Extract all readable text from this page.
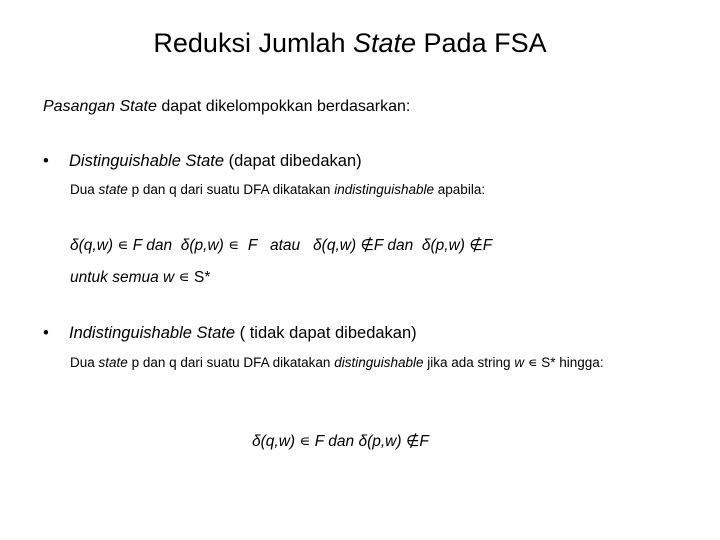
Reduksi Jumlah State Pada FSA
Pasangan State dapat dikelompokkan berdasarkan:
• Distinguishable State (dapat dibedakan)
Dua state p dan q dari suatu DFA dikatakan indistinguishable apabila:
δ(q,w) ∊ F dan  δ(p,w) ∊  F   atau   δ(q,w) ∉F dan  δ(p,w) ∉F
untuk semua w ∊ S*
• Indistinguishable State ( tidak dapat dibedakan)
Dua state p dan q dari suatu DFA dikatakan distinguishable jika ada string w ∊ S* hingga:
δ(q,w) ∊ F dan δ(p,w) ∉F
